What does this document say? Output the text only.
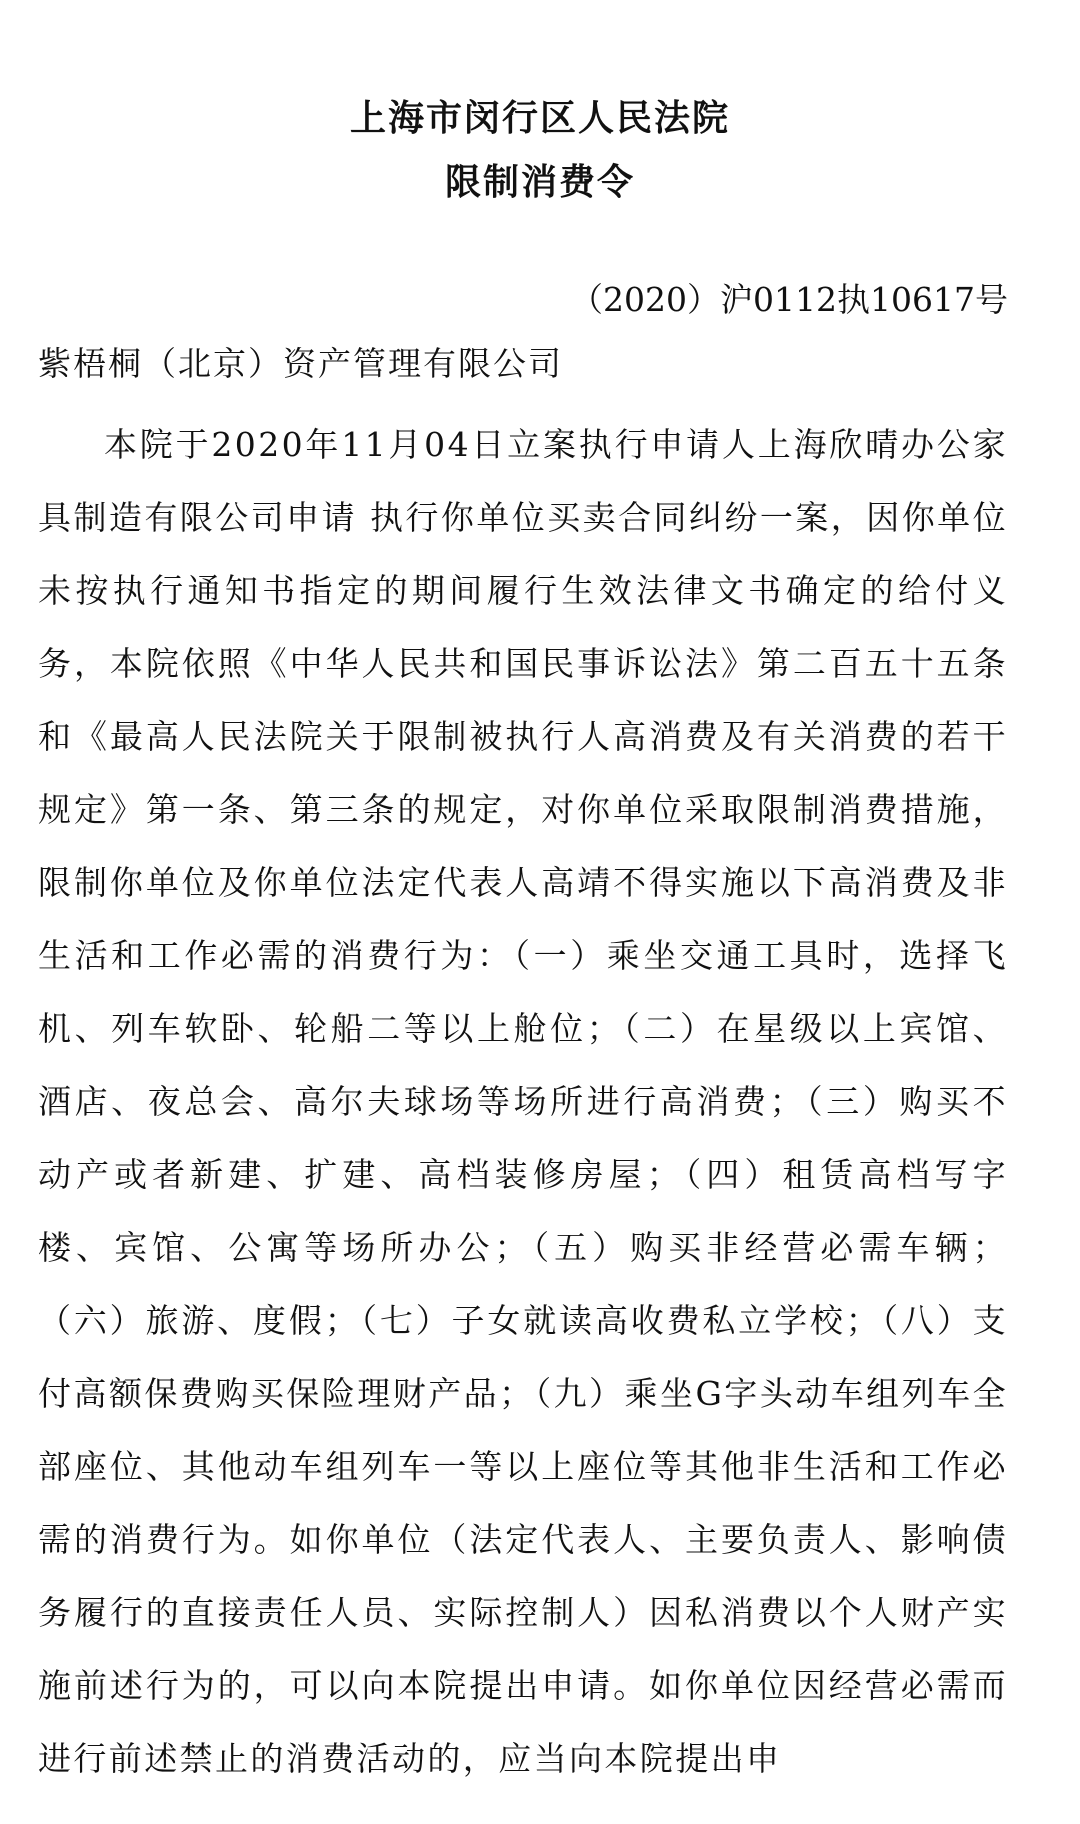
上海市闵行区人民法院
限制消费令
（2020）沪0112执10617号
紫梧桐（北京）资产管理有限公司

本院于2020年11月04日立案执行申请人上海欣晴办公家具制造有限公司申请 执行你单位买卖合同纠纷一案，因你单位未按执行通知书指定的期间履行生效法律文书确定的给付义务，本院依照《中华人民共和国民事诉讼法》第二百五十五条和《最高人民法院关于限制被执行人高消费及有关消费的若干规定》第一条、第三条的规定，对你单位采取限制消费措施，限制你单位及你单位法定代表人高靖不得实施以下高消费及非生活和工作必需的消费行为：（一）乘坐交通工具时，选择飞机、列车软卧、轮船二等以上舱位；（二）在星级以上宾馆、酒店、夜总会、高尔夫球场等场所进行高消费；（三）购买不动产或者新建、扩建、高档装修房屋；（四）租赁高档写字楼、宾馆、公寓等场所办公；（五）购买非经营必需车辆；（六）旅游、度假；（七）子女就读高收费私立学校；（八）支付高额保费购买保险理财产品；（九）乘坐G字头动车组列车全部座位、其他动车组列车一等以上座位等其他非生活和工作必需的消费行为。如你单位（法定代表人、主要负责人、影响债务履行的直接责任人员、实际控制人）因私消费以个人财产实施前述行为的，可以向本院提出申请。如你单位因经营必需而进行前述禁止的消费活动的，应当向本院提出申
